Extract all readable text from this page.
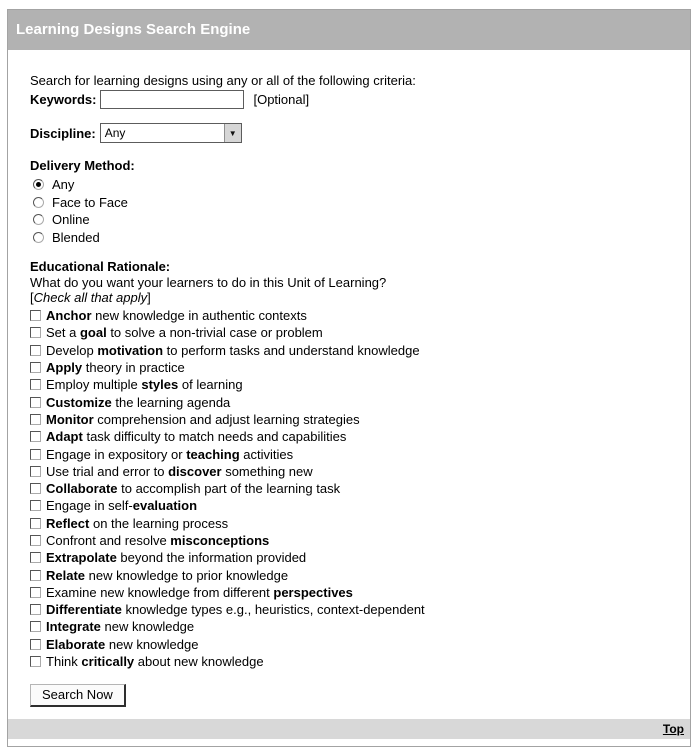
Learning Designs Search Engine
Search for learning designs using any or all of the following criteria:
Keywords:	[Optional]
Discipline: Any	▼
Delivery Method:
Any
Face to Face
Online
Blended
Educational Rationale:
What do you want your learners to do in this Unit of Learning?
[Check all that apply]
Anchor new knowledge in authentic contexts
Set a goal to solve a non-trivial case or problem
Develop motivation to perform tasks and understand knowledge
Apply theory in practice
Employ multiple styles of learning
Customize the learning agenda
Monitor comprehension and adjust learning strategies
Adapt task difficulty to match needs and capabilities
Engage in expository or teaching activities
Use trial and error to discover something new
Collaborate to accomplish part of the learning task
Engage in self-evaluation
Reflect on the learning process
Confront and resolve misconceptions
Extrapolate beyond the information provided
Relate new knowledge to prior knowledge
Examine new knowledge from different perspectives
Differentiate knowledge types e.g., heuristics, context-dependent
Integrate new knowledge
Elaborate new knowledge
Think critically about new knowledge
Search Now
Top
